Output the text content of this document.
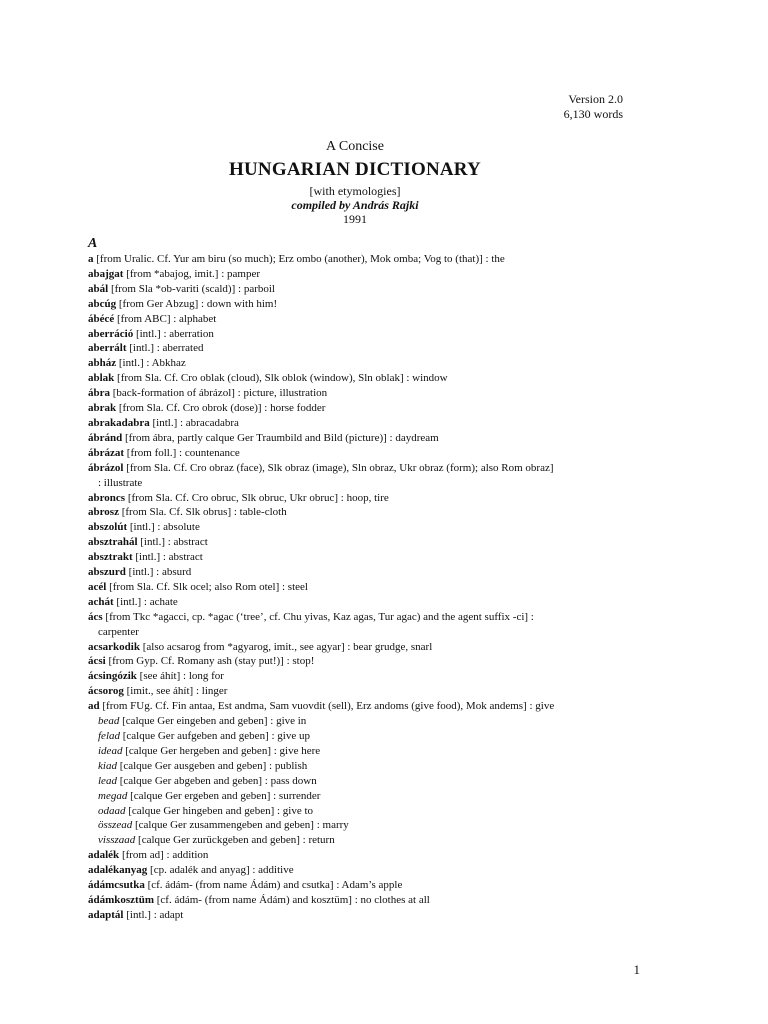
Version 2.0
6,130 words
A Concise
HUNGARIAN DICTIONARY
[with etymologies]
compiled by András Rajki
1991
A
a [from Uralic. Cf. Yur am biru (so much); Erz ombo (another), Mok omba; Vog to (that)] : the
abajgat [from *abajog, imit.] : pamper
abál [from Sla *ob-variti (scald)] : parboil
abcúg [from Ger Abzug] : down with him!
ábécé [from ABC] : alphabet
aberráció [intl.] : aberration
aberrált [intl.] : aberrated
abház [intl.] : Abkhaz
ablak [from Sla. Cf. Cro oblak (cloud), Slk oblok (window), Sln oblak] : window
ábra [back-formation of ábrázol] : picture, illustration
abrak [from Sla. Cf. Cro obrok (dose)] : horse fodder
abrakadabra [intl.] : abracadabra
ábránd [from ábra, partly calque Ger Traumbild and Bild (picture)] : daydream
ábrázat [from foll.] : countenance
ábrázol [from Sla. Cf. Cro obraz (face), Slk obraz (image), Sln obraz, Ukr obraz (form); also Rom obraz]
: illustrate
abroncs [from Sla. Cf. Cro obruc, Slk obruc, Ukr obruc] : hoop, tire
abrosz [from Sla. Cf. Slk obrus] : table-cloth
abszolút [intl.] : absolute
absztrahál [intl.] : abstract
absztrakt [intl.] : abstract
abszurd [intl.] : absurd
acél [from Sla. Cf. Slk ocel; also Rom otel] : steel
achát [intl.] : achate
ács [from Tkc *agacci, cp. *agac (‘tree’, cf. Chu yivas, Kaz agas, Tur agac) and the agent suffix -ci] :
carpenter
acsarkodik [also acsarog from *agyarog, imit., see agyar] : bear grudge, snarl
ácsi [from Gyp. Cf. Romany ash (stay put!)] : stop!
ácsingózik [see áhít] : long for
ácsorog [imit., see áhít] : linger
ad [from FUg. Cf. Fin antaa, Est andma, Sam vuovdit (sell), Erz andoms (give food), Mok andems] : give
bead [calque Ger eingeben and geben] : give in
felad [calque Ger aufgeben and geben] : give up
idead [calque Ger hergeben and geben] : give here
kiad [calque Ger ausgeben and geben] : publish
lead [calque Ger abgeben and geben] : pass down
megad [calque Ger ergeben and geben] : surrender
odaad [calque Ger hingeben and geben] : give to
összead [calque Ger zusammengeben and geben] : marry
visszaad [calque Ger zurückgeben and geben] : return
adalék [from ad] : addition
adalékanyag [cp. adalék and anyag] : additive
ádámcsutka [cf. ádám- (from name Ádám) and csutka] : Adam’s apple
ádámkosztüm [cf. ádám- (from name Ádám) and kosztüm] : no clothes at all
adaptál [intl.] : adapt
1
